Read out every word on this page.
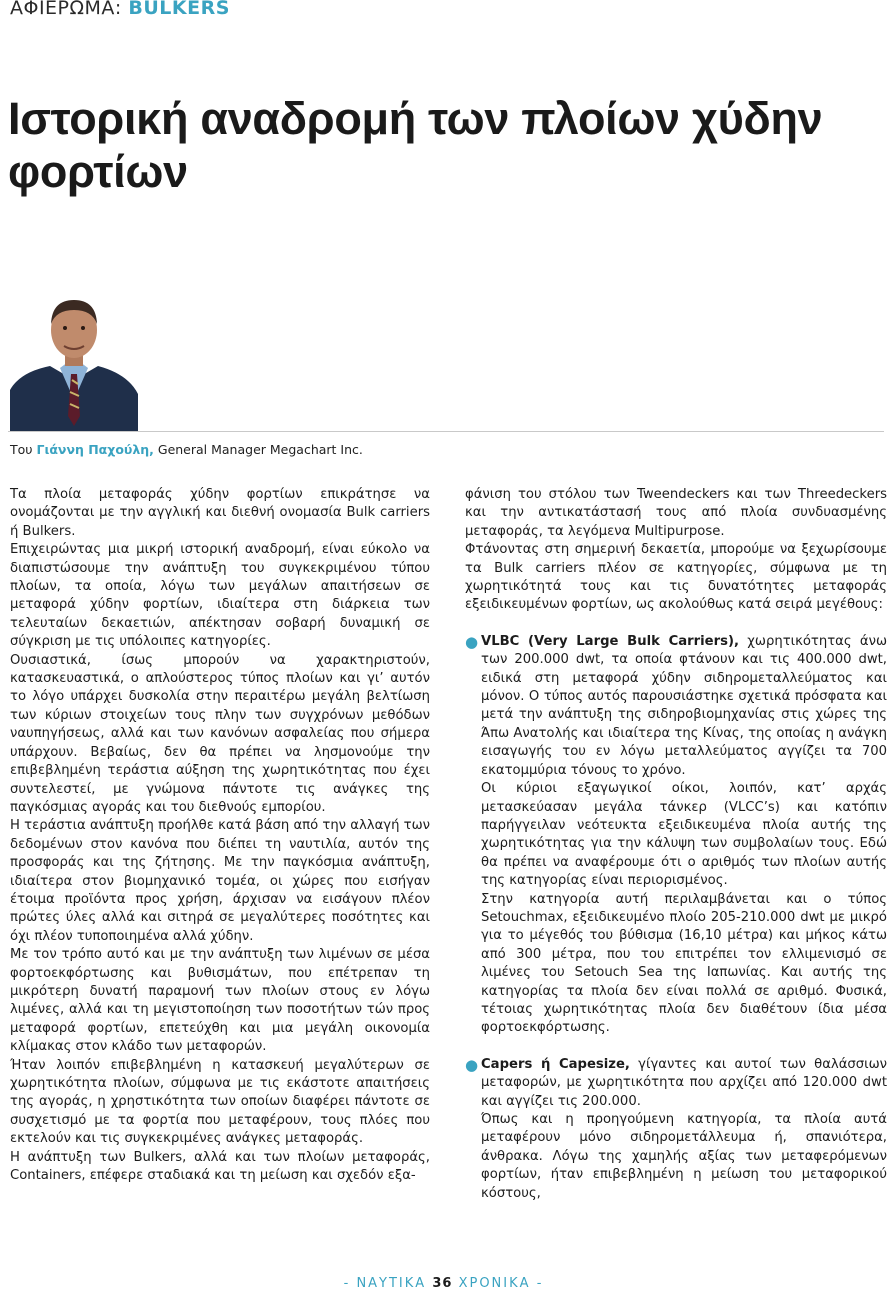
ΑΦΙΕΡΩΜΑ: BULKERS
Ιστορική αναδρομή των πλοίων χύδην φορτίων
Του Γιάννη Παχούλη, General Manager Megachart Inc.

Τα πλοία μεταφοράς χύδην φορτίων επικράτησε να ονομάζονται με την αγγλική και διεθνή ονομασία Bulk carriers ή Bulkers.

Επιχειρώντας μια μικρή ιστορική αναδρομή, είναι εύκολο να διαπιστώσουμε την ανάπτυξη του συγκεκριμένου τύπου πλοίων, τα οποία, λόγω των μεγάλων απαιτήσεων σε μεταφορά χύδην φορτίων, ιδιαίτερα στη διάρκεια των τελευταίων δεκαετιών, απέκτησαν σοβαρή δυναμική σε σύγκριση με τις υπόλοιπες κατηγορίες.

Ουσιαστικά, ίσως μπορούν να χαρακτηριστούν, κατασκευαστικά, ο απλούστερος τύπος πλοίων και γι’ αυτόν το λόγο υπάρχει δυσκολία στην περαιτέρω μεγάλη βελτίωση των κύριων στοιχείων τους πλην των συγχρόνων μεθόδων ναυπηγήσεως, αλλά και των κανόνων ασφαλείας που σήμερα υπάρχουν. Βεβαίως, δεν θα πρέπει να λησμονούμε την επιβεβλημένη τεράστια αύξηση της χωρητικότητας που έχει συντελεστεί, με γνώμονα πάντοτε τις ανάγκες της παγκόσμιας αγοράς και του διεθνούς εμπορίου.

Η τεράστια ανάπτυξη προήλθε κατά βάση από την αλλαγή των δεδομένων στον κανόνα που διέπει τη ναυτιλία, αυτόν της προσφοράς και της ζήτησης. Με την παγκόσμια ανάπτυξη, ιδιαίτερα στον βιομηχανικό τομέα, οι χώρες που εισήγαν έτοιμα προϊόντα προς χρήση, άρχισαν να εισάγουν πλέον πρώτες ύλες αλλά και σιτηρά σε μεγαλύτερες ποσότητες και όχι πλέον τυποποιημένα αλλά χύδην.

Με τον τρόπο αυτό και με την ανάπτυξη των λιμένων σε μέσα φορτοεκφόρτωσης και βυθισμάτων, που επέτρεπαν τη μικρότερη δυνατή παραμονή των πλοίων στους εν λόγω λιμένες, αλλά και τη μεγιστοποίηση των ποσοτήτων τών προς μεταφορά φορτίων, επετεύχθη και μια μεγάλη οικονομία κλίμακας στον κλάδο των μεταφορών.

Ήταν λοιπόν επιβεβλημένη η κατασκευή μεγαλύτερων σε χωρητικότητα πλοίων, σύμφωνα με τις εκάστοτε απαιτήσεις της αγοράς, η χρηστικότητα των οποίων διαφέρει πάντοτε σε συσχετισμό με τα φορτία που μεταφέρουν, τους πλόες που εκτελούν και τις συγκεκριμένες ανάγκες μεταφοράς.

Η ανάπτυξη των Bulkers, αλλά και των πλοίων μεταφοράς, Containers, επέφερε σταδιακά και τη μείωση και σχεδόν εξα-

φάνιση του στόλου των Tweendeckers και των Threedeckers και την αντικατάστασή τους από πλοία συνδυασμένης μεταφοράς, τα λεγόμενα Multipurpose.

Φτάνοντας στη σημερινή δεκαετία, μπορούμε να ξεχωρίσουμε τα Bulk carriers πλέον σε κατηγορίες, σύμφωνα με τη χωρητικότητά τους και τις δυνατότητες μεταφοράς εξειδικευμένων φορτίων, ως ακολούθως κατά σειρά μεγέθους:

● VLBC (Very Large Bulk Carriers), χωρητικότητας άνω των 200.000 dwt, τα οποία φτάνουν και τις 400.000 dwt, ειδικά στη μεταφορά χύδην σιδηρομεταλλεύματος και μόνον. Ο τύπος αυτός παρουσιάστηκε σχετικά πρόσφατα και μετά την ανάπτυξη της σιδηροβιομηχανίας στις χώρες της Άπω Ανατολής και ιδιαίτερα της Κίνας, της οποίας η ανάγκη εισαγωγής του εν λόγω μεταλλεύματος αγγίζει τα 700 εκατομμύρια τόνους το χρόνο.

Οι κύριοι εξαγωγικοί οίκοι, λοιπόν, κατ’ αρχάς μετασκεύασαν μεγάλα τάνκερ (VLCC’s) και κατόπιν παρήγγειλαν νεότευκτα εξειδικευμένα πλοία αυτής της χωρητικότητας για την κάλυψη των συμβολαίων τους. Εδώ θα πρέπει να αναφέρουμε ότι ο αριθμός των πλοίων αυτής της κατηγορίας είναι περιορισμένος.

Στην κατηγορία αυτή περιλαμβάνεται και ο τύπος Setouchmax, εξειδικευμένο πλοίο 205-210.000 dwt με μικρό για το μέγεθός του βύθισμα (16,10 μέτρα) και μήκος κάτω από 300 μέτρα, που του επιτρέπει τον ελλιμενισμό σε λιμένες του Setouch Sea της Ιαπωνίας. Και αυτής της κατηγορίας τα πλοία δεν είναι πολλά σε αριθμό. Φυσικά, τέτοιας χωρητικότητας πλοία δεν διαθέτουν ίδια μέσα φορτοεκφόρτωσης.

● Capers ή Capesize, γίγαντες και αυτοί των θαλάσσιων μεταφορών, με χωρητικότητα που αρχίζει από 120.000 dwt και αγγίζει τις 200.000.

Όπως και η προηγούμενη κατηγορία, τα πλοία αυτά μεταφέρουν μόνο σιδηρομετάλλευμα ή, σπανιότερα, άνθρακα. Λόγω της χαμηλής αξίας των μεταφερόμενων φορτίων, ήταν επιβεβλημένη η μείωση του μεταφορικού κόστους,

- ΝΑΥΤΙΚΑ 36 ΧΡΟΝΙΚΑ -
